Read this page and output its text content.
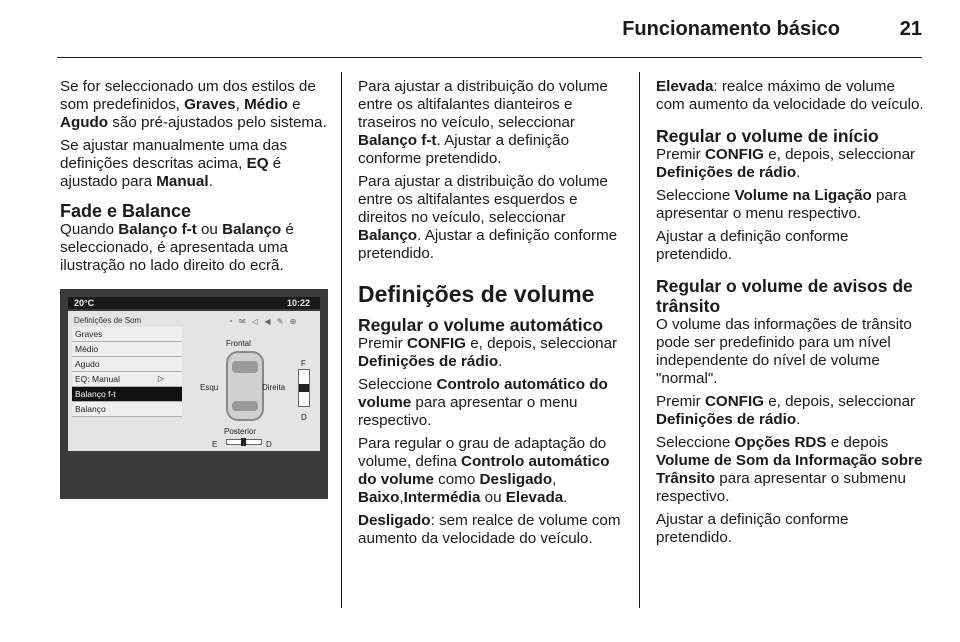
Funcionamento básico	21

Se for seleccionado um dos estilos de som predefinidos, Graves, Médio e Agudo são pré-ajustados pelo sistema.

Se ajustar manualmente uma das definições descritas acima, EQ é ajustado para Manual.

Fade e Balance

Quando Balanço f-t ou Balanço é seleccionado, é apresentada uma ilustração no lado direito do ecrã.

20°C	10:22
Definições de Som	◔ ✉ ◁ ◀ ✎ ⊕
Graves
Médio
Agudo
EQ: Manual	▷
Balanço f-t
Balanço
Frontal
Esqu	Direita
Posterior
F
D
E	D

Para ajustar a distribuição do volume entre os altifalantes dianteiros e traseiros no veículo, seleccionar Balanço f-t. Ajustar a definição conforme pretendido.

Para ajustar a distribuição do volume entre os altifalantes esquerdos e direitos no veículo, seleccionar Balanço. Ajustar a definição conforme pretendido.

Definições de volume
Regular o volume automático

Premir CONFIG e, depois, seleccionar Definições de rádio.

Seleccione Controlo automático do volume para apresentar o menu respectivo.

Para regular o grau de adaptação do volume, defina Controlo automático do volume como Desligado, Baixo,Intermédia ou Elevada.

Desligado: sem realce de volume com aumento da velocidade do veículo.

Elevada: realce máximo de volume com aumento da velocidade do veículo.

Regular o volume de início

Premir CONFIG e, depois, seleccionar Definições de rádio.

Seleccione Volume na Ligação para apresentar o menu respectivo.

Ajustar a definição conforme pretendido.

Regular o volume de avisos de trânsito

O volume das informações de trânsito pode ser predefinido para um nível independente do nível de volume "normal".

Premir CONFIG e, depois, seleccionar Definições de rádio.

Seleccione Opções RDS e depois Volume de Som da Informação sobre Trânsito para apresentar o submenu respectivo.

Ajustar a definição conforme pretendido.
